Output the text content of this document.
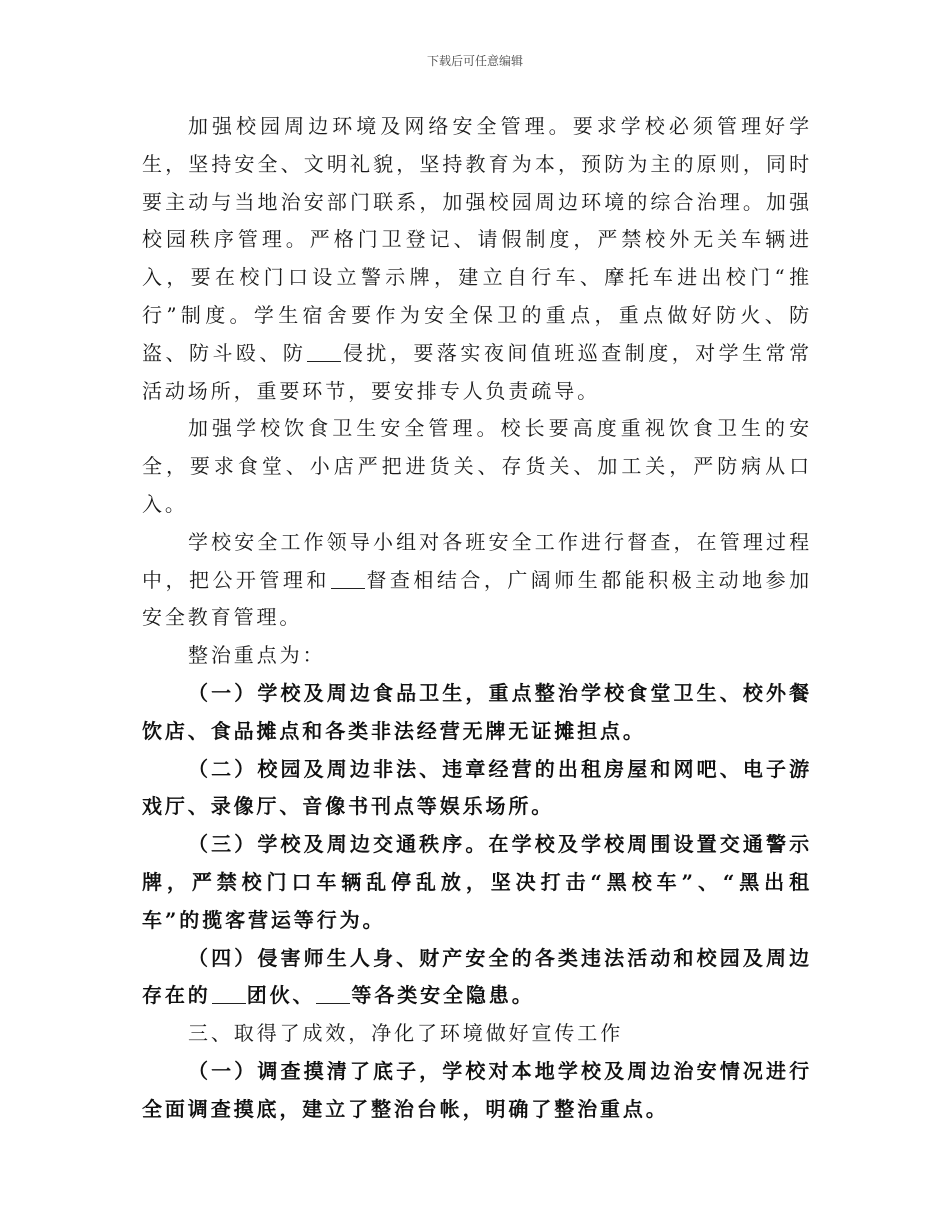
下载后可任意编辑

加强校园周边环境及网络安全管理。要求学校必须管理好学生，坚持安全、文明礼貌，坚持教育为本，预防为主的原则，同时要主动与当地治安部门联系，加强校园周边环境的综合治理。加强校园秩序管理。严格门卫登记、请假制度，严禁校外无关车辆进入，要在校门口设立警示牌，建立自行车、摩托车进出校门“推行”制度。学生宿舍要作为安全保卫的重点，重点做好防火、防盗、防斗殴、防 侵扰，要落实夜间值班巡查制度，对学生常常活动场所，重要环节，要安排专人负责疏导。

加强学校饮食卫生安全管理。校长要高度重视饮食卫生的安全，要求食堂、小店严把进货关、存货关、加工关，严防病从口入。

学校安全工作领导小组对各班安全工作进行督查，在管理过程中，把公开管理和 督查相结合，广阔师生都能积极主动地参加安全教育管理。

整治重点为：

（一）学校及周边食品卫生，重点整治学校食堂卫生、校外餐饮店、食品摊点和各类非法经营无牌无证摊担点。

（二）校园及周边非法、违章经营的出租房屋和网吧、电子游戏厅、录像厅、音像书刊点等娱乐场所。

（三）学校及周边交通秩序。在学校及学校周围设置交通警示牌，严禁校门口车辆乱停乱放，坚决打击“黑校车”、“黑出租车”的揽客营运等行为。

（四）侵害师生人身、财产安全的各类违法活动和校园及周边存在的 团伙、 等各类安全隐患。

三、取得了成效，净化了环境做好宣传工作

（一）调查摸清了底子，学校对本地学校及周边治安情况进行全面调查摸底，建立了整治台帐，明确了整治重点。
